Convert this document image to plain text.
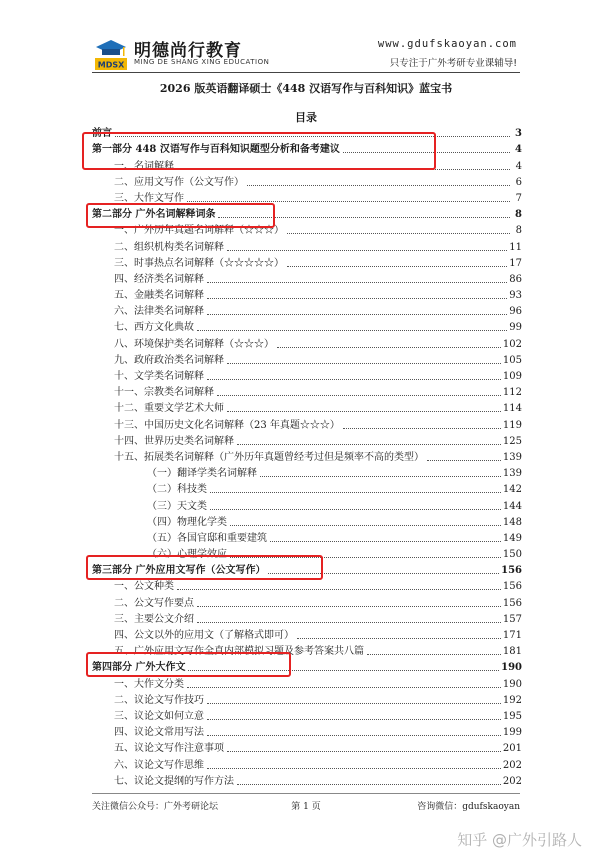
MDSX
明德尚行教育
MING DE SHANG XING EDUCATION
www.gdufskaoyan.com
只专注于广外考研专业课辅导!
2026 版英语翻译硕士《448 汉语写作与百科知识》蓝宝书
目录
前言	3
第一部分 448 汉语写作与百科知识题型分析和备考建议	4
一、名词解释	4
二、应用文写作（公文写作）	6
三、大作文写作	7
第二部分 广外名词解释词条	8
一、广外历年真题名词解释（☆☆☆）	8
二、组织机构类名词解释	11
三、时事热点名词解释（☆☆☆☆☆）	17
四、经济类名词解释	86
五、金融类名词解释	93
六、法律类名词解释	96
七、西方文化典故	99
八、环境保护类名词解释（☆☆☆）	102
九、政府政治类名词解释	105
十、文学类名词解释	109
十一、宗教类名词解释	112
十二、重要文学艺术大师	114
十三、中国历史文化名词解释（23 年真题☆☆☆）	119
十四、世界历史类名词解释	125
十五、拓展类名词解释（广外历年真题曾经考过但是频率不高的类型）	139
（一）翻译学类名词解释	139
（二）科技类	142
（三）天文类	144
（四）物理化学类	148
（五）各国官邸和重要建筑	149
（六）心理学效应	150
第三部分 广外应用文写作（公文写作）	156
一、公文种类	156
二、公文写作要点	156
三、主要公文介绍	157
四、公文以外的应用文（了解格式即可）	171
五、广外应用文写作全真内部模拟习题及参考答案共八篇	181
第四部分 广外大作文	190
一、大作文分类	190
二、议论文写作技巧	192
三、议论文如何立意	195
四、议论文常用写法	199
五、议论文写作注意事项	201
六、议论文写作思维	202
七、议论文提纲的写作方法	202
关注微信公众号：广外考研论坛	第 1 页	咨询微信：gdufskaoyan
知乎 @广外引路人
